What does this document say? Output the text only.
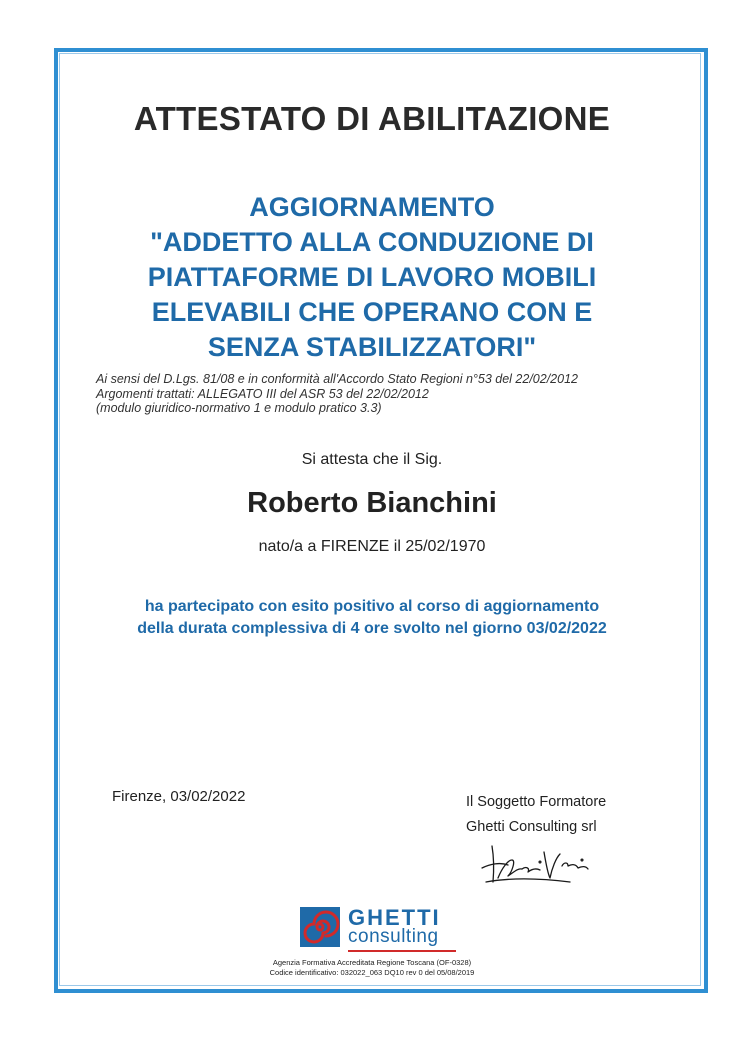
ATTESTATO DI ABILITAZIONE
AGGIORNAMENTO
"ADDETTO ALLA CONDUZIONE DI
PIATTAFORME DI LAVORO MOBILI
ELEVABILI CHE OPERANO CON E
SENZA STABILIZZATORI"
Ai sensi del D.Lgs. 81/08 e in conformità all'Accordo Stato Regioni n°53 del 22/02/2012
Argomenti trattati: ALLEGATO III del ASR 53 del 22/02/2012
(modulo giuridico-normativo 1 e modulo pratico 3.3)
Si attesta che il Sig.
Roberto Bianchini
nato/a a FIRENZE il 25/02/1970
ha partecipato con esito positivo al corso di aggiornamento
della durata complessiva di 4 ore svolto nel giorno 03/02/2022
Firenze, 03/02/2022	Il Soggetto Formatore
Ghetti Consulting srl
GHETTI
consulting
Agenzia Formativa Accreditata Regione Toscana (OF-0328)
Codice identificativo: 032022_063 DQ10 rev 0 del 05/08/2019
